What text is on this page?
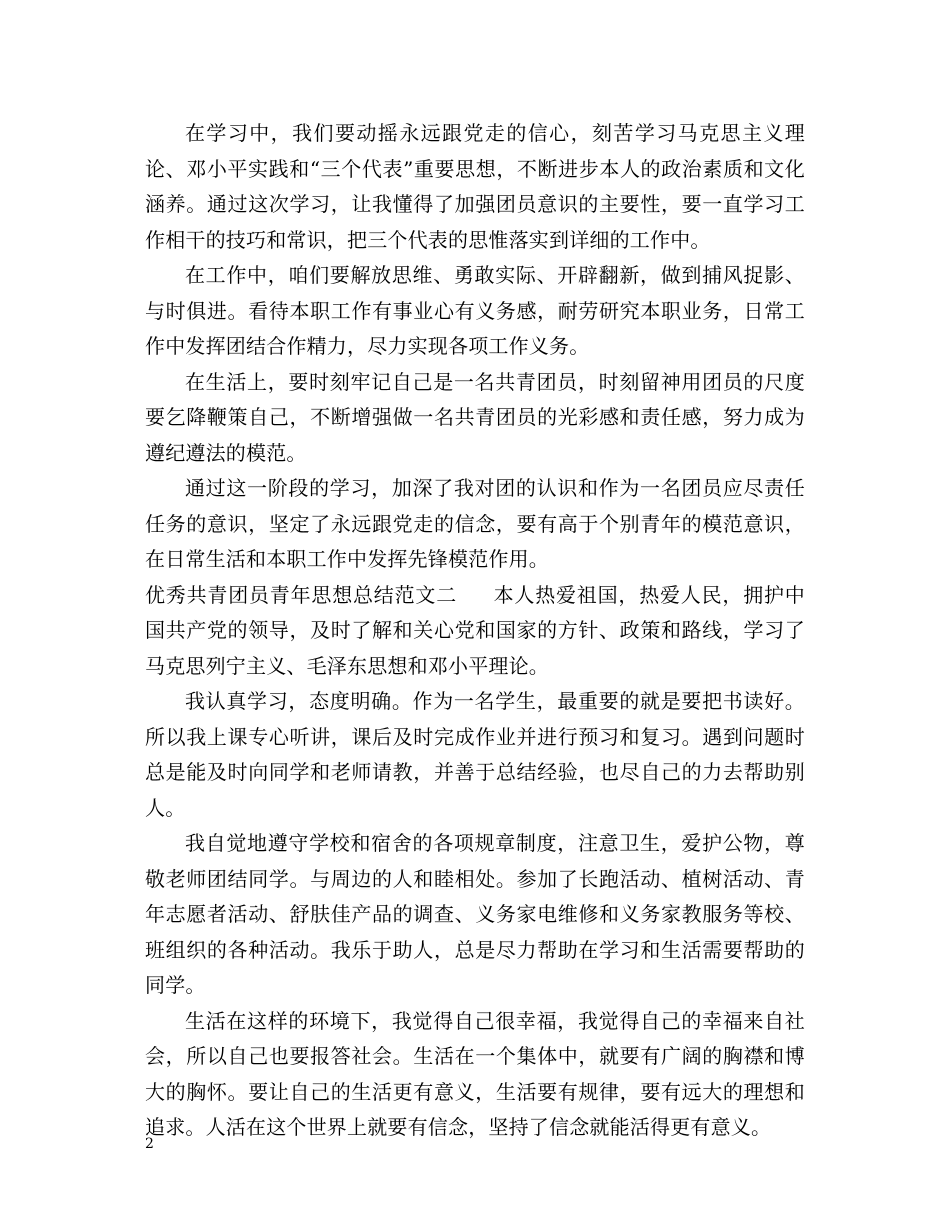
在学习中，我们要动摇永远跟党走的信心，刻苦学习马克思主义理论、邓小平实践和“三个代表”重要思想，不断进步本人的政治素质和文化涵养。通过这次学习，让我懂得了加强团员意识的主要性，要一直学习工作相干的技巧和常识，把三个代表的思惟落实到详细的工作中。

在工作中，咱们要解放思维、勇敢实际、开辟翻新，做到捕风捉影、与时俱进。看待本职工作有事业心有义务感，耐劳研究本职业务，日常工作中发挥团结合作精力，尽力实现各项工作义务。

在生活上，要时刻牢记自己是一名共青团员，时刻留神用团员的尺度要乞降鞭策自己，不断增强做一名共青团员的光彩感和责任感，努力成为遵纪遵法的模范。

通过这一阶段的学习，加深了我对团的认识和作为一名团员应尽责任任务的意识，坚定了永远跟党走的信念，要有高于个别青年的模范意识，在日常生活和本职工作中发挥先锋模范作用。

优秀共青团员青年思想总结范文二 本人热爱祖国，热爱人民，拥护中国共产党的领导，及时了解和关心党和国家的方针、政策和路线，学习了马克思列宁主义、毛泽东思想和邓小平理论。

我认真学习，态度明确。作为一名学生，最重要的就是要把书读好。所以我上课专心听讲，课后及时完成作业并进行预习和复习。遇到问题时总是能及时向同学和老师请教，并善于总结经验，也尽自己的力去帮助别人。

我自觉地遵守学校和宿舍的各项规章制度，注意卫生，爱护公物，尊敬老师团结同学。与周边的人和睦相处。参加了长跑活动、植树活动、青年志愿者活动、舒肤佳产品的调查、义务家电维修和义务家教服务等校、班组织的各种活动。我乐于助人，总是尽力帮助在学习和生活需要帮助的同学。

生活在这样的环境下，我觉得自己很幸福，我觉得自己的幸福来自社会，所以自己也要报答社会。生活在一个集体中，就要有广阔的胸襟和博大的胸怀。要让自己的生活更有意义，生活要有规律，要有远大的理想和追求。人活在这个世界上就要有信念，坚持了信念就能活得更有意义。

2
